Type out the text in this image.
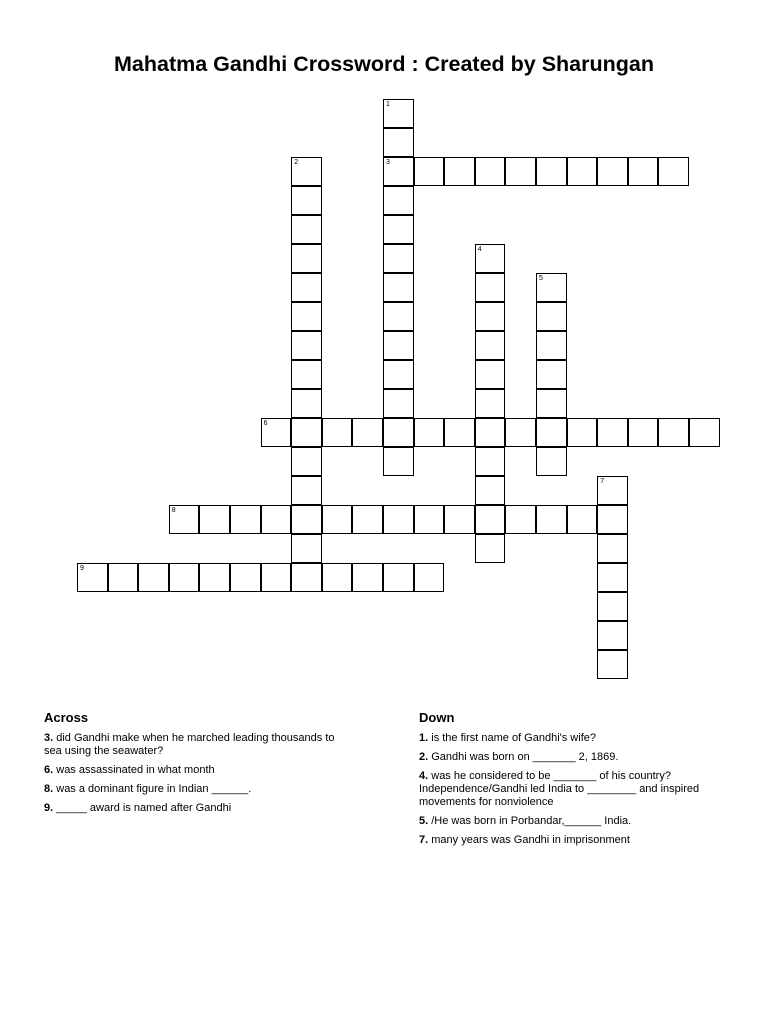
Mahatma Gandhi Crossword : Created by Sharungan
1
3
2
4
5
6
7
8
9
Across
3. did Gandhi make when he marched leading thousands to sea using the seawater?
6. was assassinated in what month
8. was a dominant figure in Indian ______.
9. _____ award is named after Gandhi
Down
1. is the first name of Gandhi's wife?
2. Gandhi was born on _______ 2, 1869.
4. was he considered to be _______ of his country? Independence/Gandhi led India to ________ and inspired movements for nonviolence
5. /He was born in Porbandar,______ India.
7. many years was Gandhi in imprisonment
